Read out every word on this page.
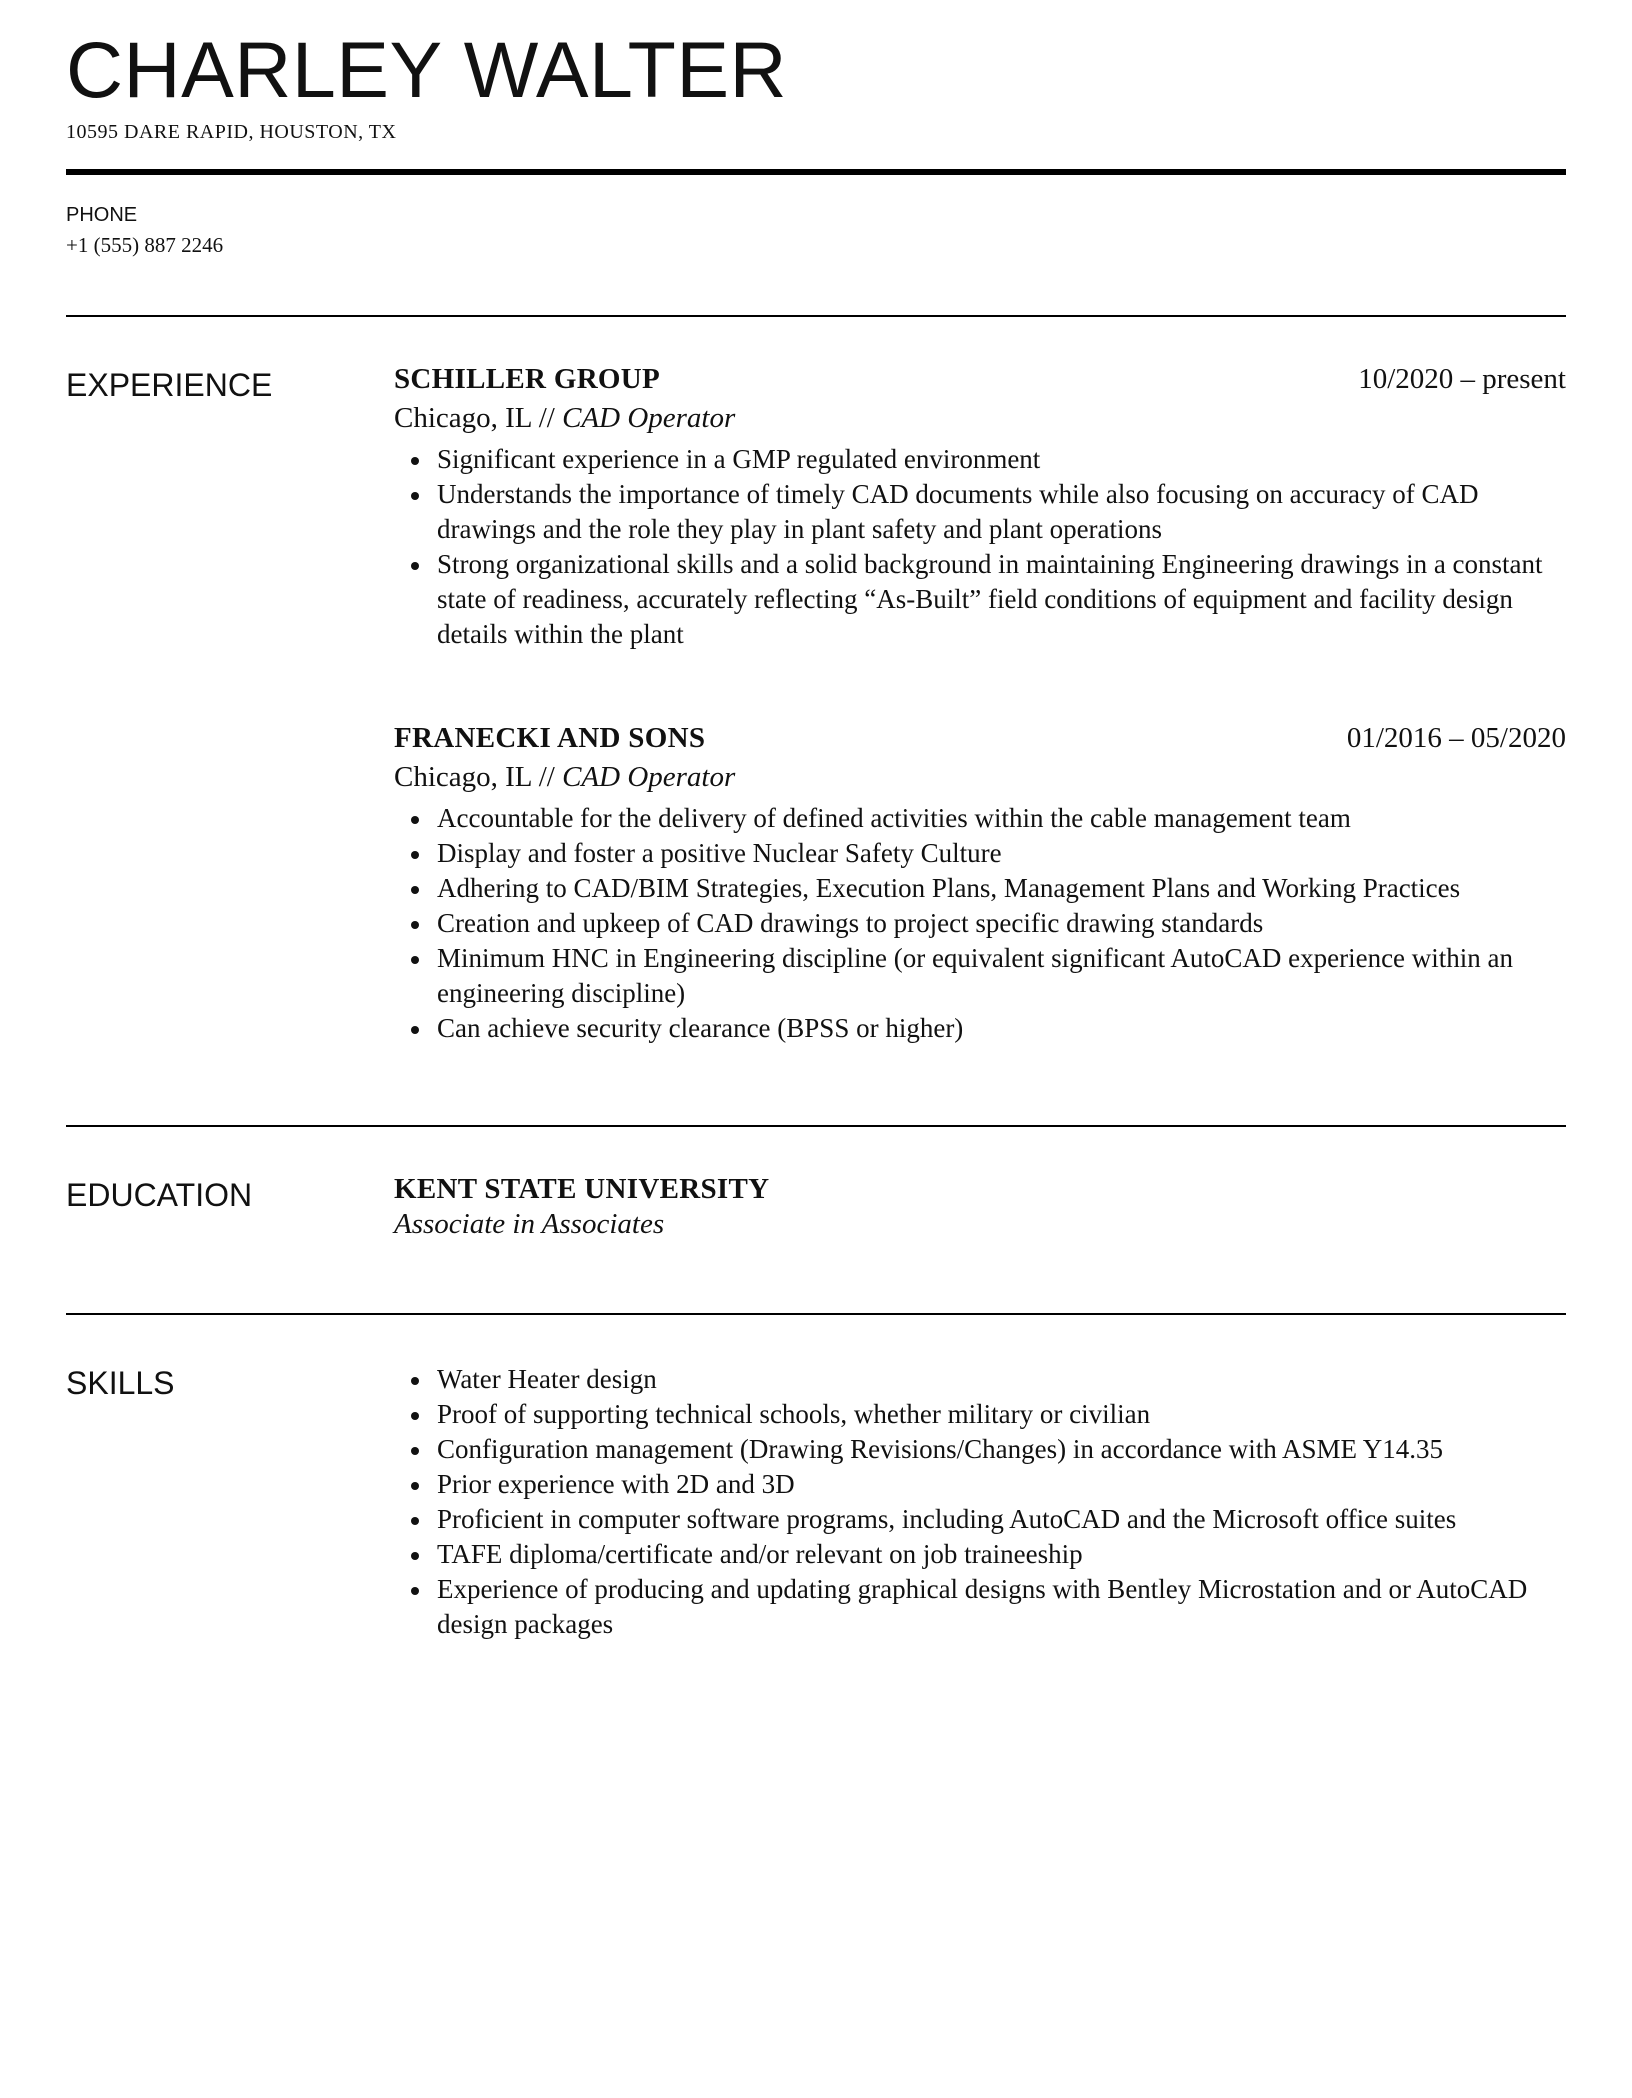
CHARLEY WALTER
10595 DARE RAPID, HOUSTON, TX
PHONE
+1 (555) 887 2246
EXPERIENCE	SCHILLER GROUP	10/2020 – present
Chicago, IL // CAD Operator
Significant experience in a GMP regulated environment
Understands the importance of timely CAD documents while also focusing on accuracy of CAD drawings and the role they play in plant safety and plant operations
Strong organizational skills and a solid background in maintaining Engineering drawings in a constant state of readiness, accurately reflecting “As-Built” field conditions of equipment and facility design details within the plant
FRANECKI AND SONS	01/2016 – 05/2020
Chicago, IL // CAD Operator
Accountable for the delivery of defined activities within the cable management team
Display and foster a positive Nuclear Safety Culture
Adhering to CAD/BIM Strategies, Execution Plans, Management Plans and Working Practices
Creation and upkeep of CAD drawings to project specific drawing standards
Minimum HNC in Engineering discipline (or equivalent significant AutoCAD experience within an engineering discipline)
Can achieve security clearance (BPSS or higher)
EDUCATION	KENT STATE UNIVERSITY
Associate in Associates
SKILLS	Water Heater design
Proof of supporting technical schools, whether military or civilian
Configuration management (Drawing Revisions/Changes) in accordance with ASME Y14.35
Prior experience with 2D and 3D
Proficient in computer software programs, including AutoCAD and the Microsoft office suites
TAFE diploma/certificate and/or relevant on job traineeship
Experience of producing and updating graphical designs with Bentley Microstation and or AutoCAD design packages
